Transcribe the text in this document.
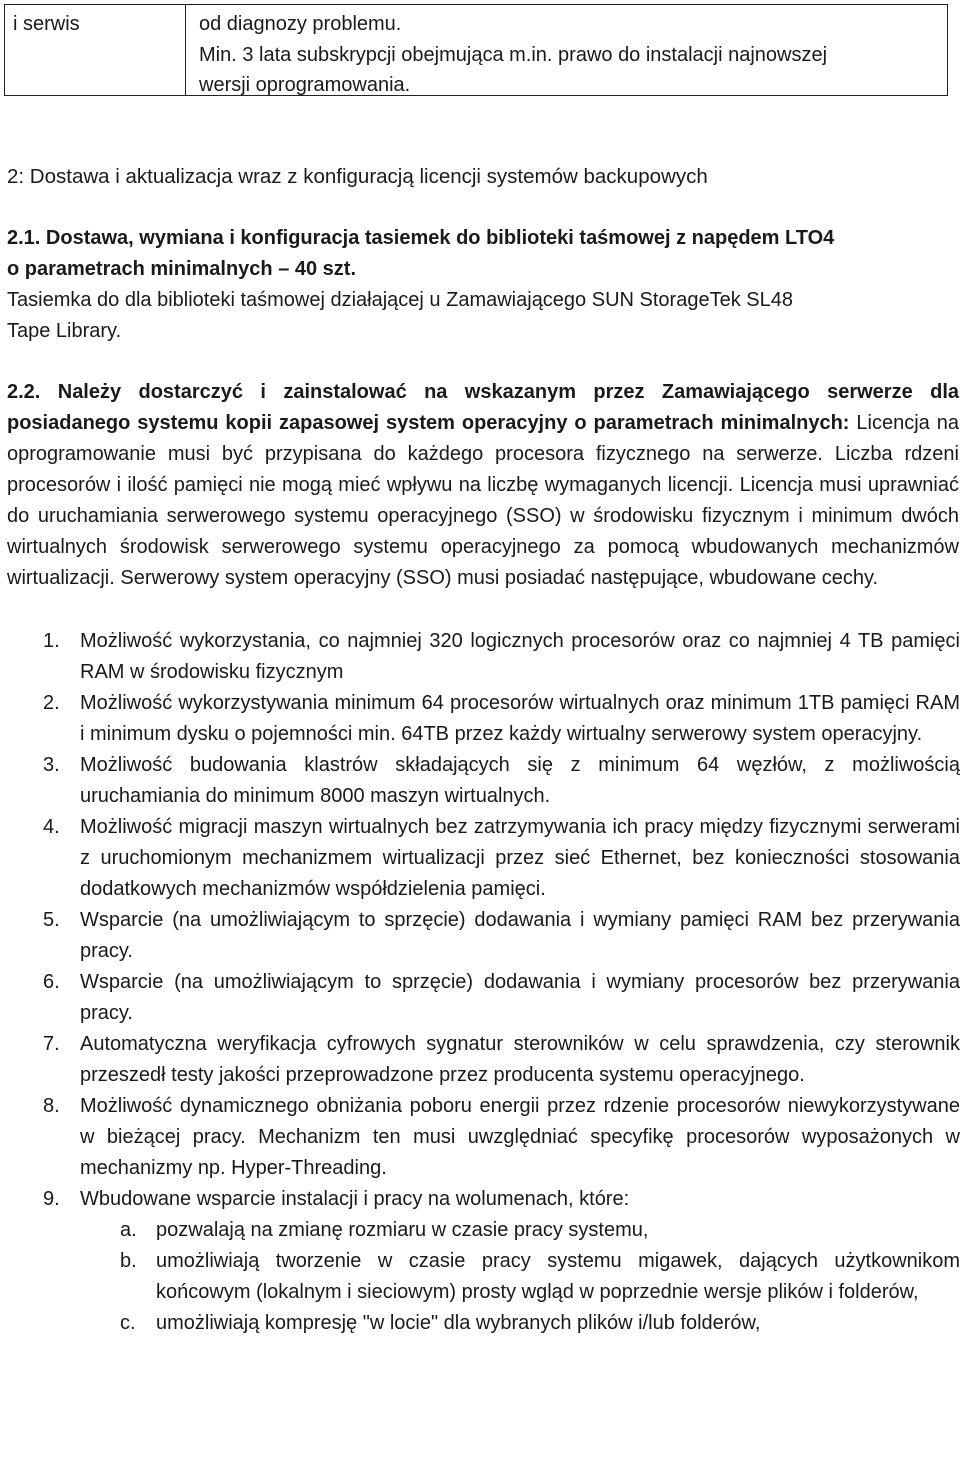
i serwis	od diagnozy problemu.
Min. 3 lata subskrypcji obejmująca m.in. prawo do instalacji najnowszej
wersji oprogramowania.
2: Dostawa i aktualizacja wraz z konfiguracją licencji systemów backupowych
2.1. Dostawa, wymiana i konfiguracja tasiemek do biblioteki taśmowej z napędem LTO4
o parametrach minimalnych – 40 szt.
Tasiemka do dla biblioteki taśmowej działającej u Zamawiającego SUN StorageTek SL48
Tape Library.
2.2. Należy dostarczyć i zainstalować na wskazanym przez Zamawiającego serwerze dla posiadanego systemu kopii zapasowej system operacyjny o parametrach minimalnych: Licencja na oprogramowanie musi być przypisana do każdego procesora fizycznego na serwerze. Liczba rdzeni procesorów i ilość pamięci nie mogą mieć wpływu na liczbę wymaganych licencji. Licencja musi uprawniać do uruchamiania serwerowego systemu operacyjnego (SSO) w środowisku fizycznym i minimum dwóch wirtualnych środowisk serwerowego systemu operacyjnego za pomocą wbudowanych mechanizmów wirtualizacji. Serwerowy system operacyjny (SSO) musi posiadać następujące, wbudowane cechy.
1. Możliwość wykorzystania, co najmniej 320 logicznych procesorów oraz co najmniej 4 TB pamięci RAM w środowisku fizycznym
2. Możliwość wykorzystywania minimum 64 procesorów wirtualnych oraz minimum 1TB pamięci RAM i minimum dysku o pojemności min. 64TB przez każdy wirtualny serwerowy system operacyjny.
3. Możliwość budowania klastrów składających się z minimum 64 węzłów, z możliwością uruchamiania do minimum 8000 maszyn wirtualnych.
4. Możliwość migracji maszyn wirtualnych bez zatrzymywania ich pracy między fizycznymi serwerami z uruchomionym mechanizmem wirtualizacji przez sieć Ethernet, bez konieczności stosowania dodatkowych mechanizmów współdzielenia pamięci.
5. Wsparcie (na umożliwiającym to sprzęcie) dodawania i wymiany pamięci RAM bez przerywania pracy.
6. Wsparcie (na umożliwiającym to sprzęcie) dodawania i wymiany procesorów bez przerywania pracy.
7. Automatyczna weryfikacja cyfrowych sygnatur sterowników w celu sprawdzenia, czy sterownik przeszedł testy jakości przeprowadzone przez producenta systemu operacyjnego.
8. Możliwość dynamicznego obniżania poboru energii przez rdzenie procesorów niewykorzystywane w bieżącej pracy. Mechanizm ten musi uwzględniać specyfikę procesorów wyposażonych w mechanizmy np. Hyper-Threading.
9. Wbudowane wsparcie instalacji i pracy na wolumenach, które:
a. pozwalają na zmianę rozmiaru w czasie pracy systemu,
b. umożliwiają tworzenie w czasie pracy systemu migawek, dających użytkownikom końcowym (lokalnym i sieciowym) prosty wgląd w poprzednie wersje plików i folderów,
c. umożliwiają kompresję "w locie" dla wybranych plików i/lub folderów,
